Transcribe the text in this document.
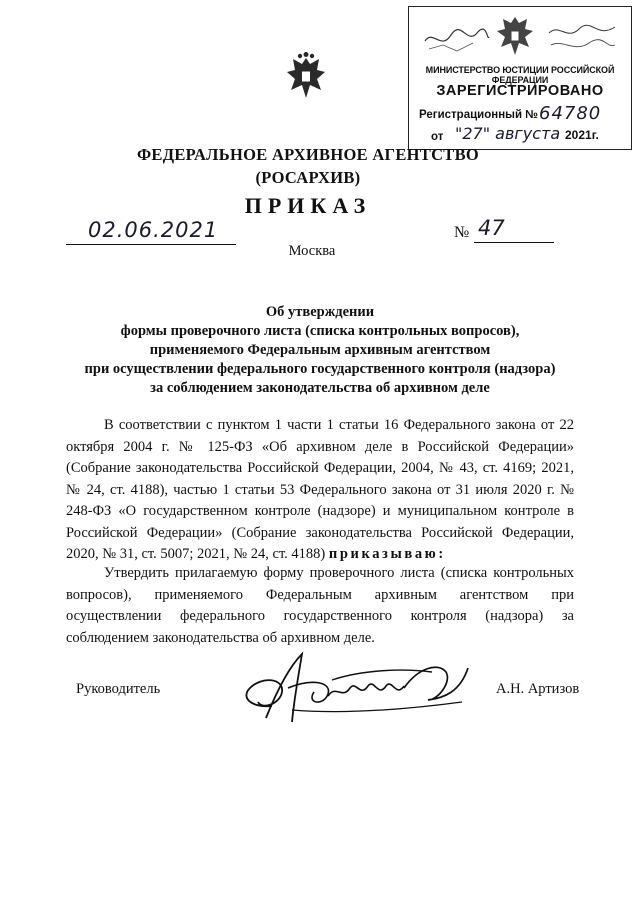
МИНИСТЕРСТВО ЮСТИЦИИ РОССИЙСКОЙ ФЕДЕРАЦИИ
ЗАРЕГИСТРИРОВАНО
Регистрационный № 64780
от "27" августа 2021г.
ФЕДЕРАЛЬНОЕ АРХИВНОЕ АГЕНТСТВО
(РОСАРХИВ)
ПРИКАЗ
02.06.2021	№ 47
Москва
Об утверждении
формы проверочного листа (списка контрольных вопросов),
применяемого Федеральным архивным агентством
при осуществлении федерального государственного контроля (надзора)
за соблюдением законодательства об архивном деле
В соответствии с пунктом 1 части 1 статьи 16 Федерального закона от 22 октября 2004 г. № 125-ФЗ «Об архивном деле в Российской Федерации» (Собрание законодательства Российской Федерации, 2004, № 43, ст. 4169; 2021, № 24, ст. 4188), частью 1 статьи 53 Федерального закона от 31 июля 2020 г. № 248-ФЗ «О государственном контроле (надзоре) и муниципальном контроле в Российской Федерации» (Собрание законодательства Российской Федерации, 2020, № 31, ст. 5007; 2021, № 24, ст. 4188) приказываю:
Утвердить прилагаемую форму проверочного листа (списка контрольных вопросов), применяемого Федеральным архивным агентством при осуществлении федерального государственного контроля (надзора) за соблюдением законодательства об архивном деле.
Руководитель	А.Н. Артизов
